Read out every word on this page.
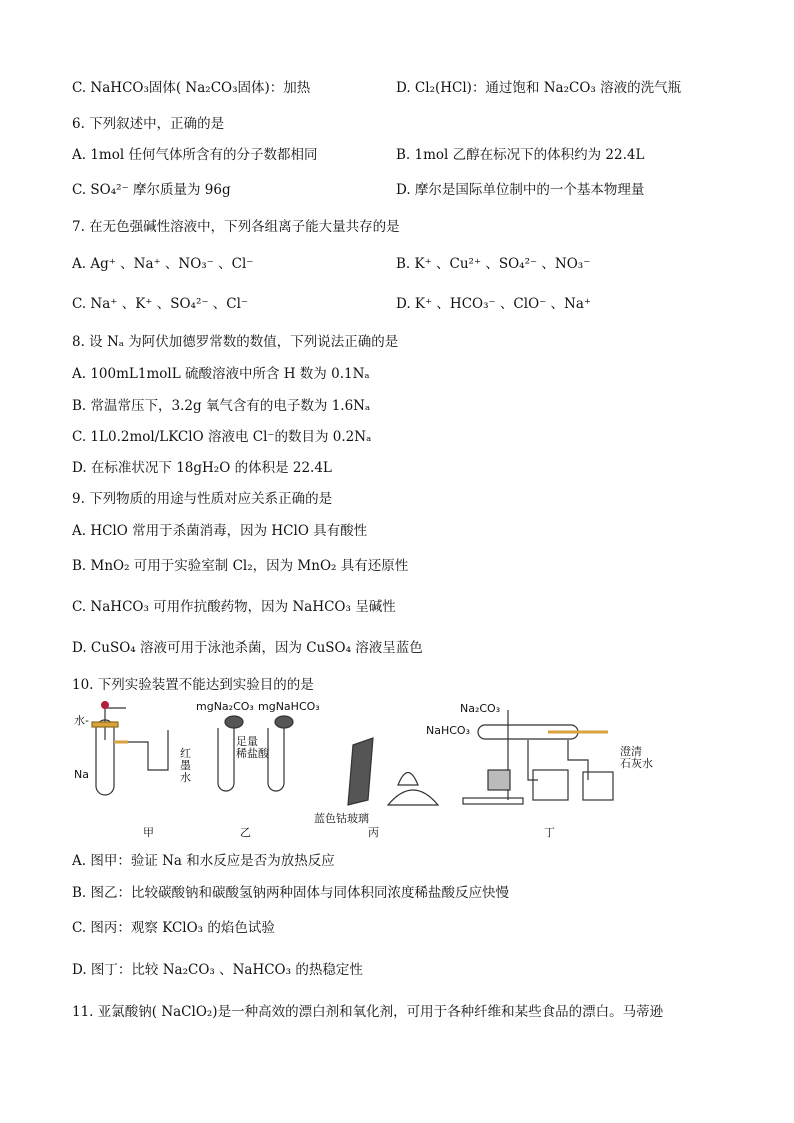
C. NaHCO₃固体( Na₂CO₃固体)：加热	D. Cl₂(HCl)：通过饱和 Na₂CO₃ 溶液的洗气瓶
6. 下列叙述中，正确的是
A. 1mol 任何气体所含有的分子数都相同	B. 1mol 乙醇在标况下的体积约为 22.4L
C. SO₄²⁻ 摩尔质量为 96g	D. 摩尔是国际单位制中的一个基本物理量
7. 在无色强碱性溶液中，下列各组离子能大量共存的是
A. Ag⁺ 、Na⁺ 、NO₃⁻ 、Cl⁻	B. K⁺ 、Cu²⁺ 、SO₄²⁻ 、NO₃⁻
C. Na⁺ 、K⁺ 、SO₄²⁻ 、Cl⁻	D. K⁺ 、HCO₃⁻ 、ClO⁻ 、Na⁺
8. 设 Nₐ 为阿伏加德罗常数的数值，下列说法正确的是
A. 100mL1molL 硫酸溶液中所含 H 数为 0.1Nₐ
B. 常温常压下，3.2g 氧气含有的电子数为 1.6Nₐ
C. 1L0.2mol/LKClO 溶液电 Cl⁻的数目为 0.2Nₐ
D. 在标准状况下 18gH₂O 的体积是 22.4L
9. 下列物质的用途与性质对应关系正确的是
A. HClO 常用于杀菌消毒，因为 HClO 具有酸性
B. MnO₂ 可用于实验室制 Cl₂，因为 MnO₂ 具有还原性
C. NaHCO₃ 可用作抗酸药物，因为 NaHCO₃ 呈碱性
D. CuSO₄ 溶液可用于泳池杀菌，因为 CuSO₄ 溶液呈蓝色
10. 下列实验装置不能达到实验目的的是
A. 图甲：验证 Na 和水反应是否为放热反应
B. 图乙：比较碳酸钠和碳酸氢钠两种固体与同体积同浓度稀盐酸反应快慢
C. 图丙：观察 KClO₃ 的焰色试验
D. 图丁：比较 Na₂CO₃ 、NaHCO₃ 的热稳定性
11. 亚氯酸钠( NaClO₂)是一种高效的漂白剂和氧化剂，可用于各种纤维和某些食品的漂白。马蒂逊
水-
Na
红
墨
水
mgNa₂CO₃ mgNaHCO₃
足量
稀盐酸
蓝色钴玻璃
Na₂CO₃
NaHCO₃
澄清
石灰水
甲	乙	丙	丁
